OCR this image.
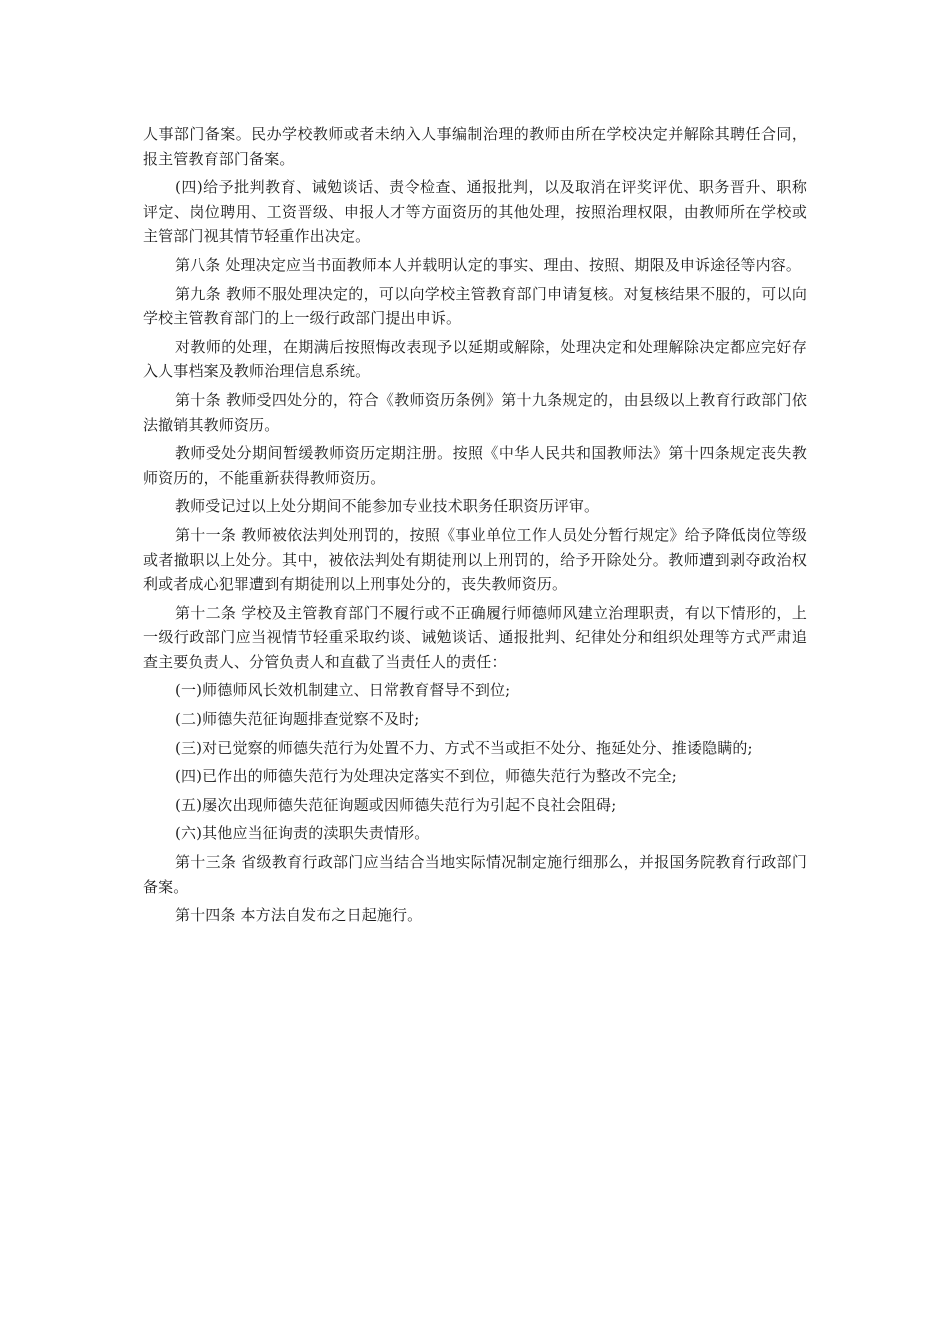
人事部门备案。民办学校教师或者未纳入人事编制治理的教师由所在学校决定并解除其聘任合同，报主管教育部门备案。

(四)给予批判教育、诫勉谈话、责令检查、通报批判，以及取消在评奖评优、职务晋升、职称评定、岗位聘用、工资晋级、申报人才等方面资历的其他处理，按照治理权限，由教师所在学校或主管部门视其情节轻重作出决定。

第八条 处理决定应当书面教师本人并载明认定的事实、理由、按照、期限及申诉途径等内容。

第九条 教师不服处理决定的，可以向学校主管教育部门申请复核。对复核结果不服的，可以向学校主管教育部门的上一级行政部门提出申诉。

对教师的处理，在期满后按照悔改表现予以延期或解除，处理决定和处理解除决定都应完好存入人事档案及教师治理信息系统。

第十条 教师受四处分的，符合《教师资历条例》第十九条规定的，由县级以上教育行政部门依法撤销其教师资历。

教师受处分期间暂缓教师资历定期注册。按照《中华人民共和国教师法》第十四条规定丧失教师资历的，不能重新获得教师资历。

教师受记过以上处分期间不能参加专业技术职务任职资历评审。

第十一条 教师被依法判处刑罚的，按照《事业单位工作人员处分暂行规定》给予降低岗位等级或者撤职以上处分。其中，被依法判处有期徒刑以上刑罚的，给予开除处分。教师遭到剥夺政治权利或者成心犯罪遭到有期徒刑以上刑事处分的，丧失教师资历。

第十二条 学校及主管教育部门不履行或不正确履行师德师风建立治理职责，有以下情形的，上一级行政部门应当视情节轻重采取约谈、诫勉谈话、通报批判、纪律处分和组织处理等方式严肃追查主要负责人、分管负责人和直截了当责任人的责任：

(一)师德师风长效机制建立、日常教育督导不到位;

(二)师德失范征询题排查觉察不及时;

(三)对已觉察的师德失范行为处置不力、方式不当或拒不处分、拖延处分、推诿隐瞒的;

(四)已作出的师德失范行为处理决定落实不到位，师德失范行为整改不完全;

(五)屡次出现师德失范征询题或因师德失范行为引起不良社会阻碍;

(六)其他应当征询责的渎职失责情形。

第十三条 省级教育行政部门应当结合当地实际情况制定施行细那么，并报国务院教育行政部门备案。

第十四条 本方法自发布之日起施行。
